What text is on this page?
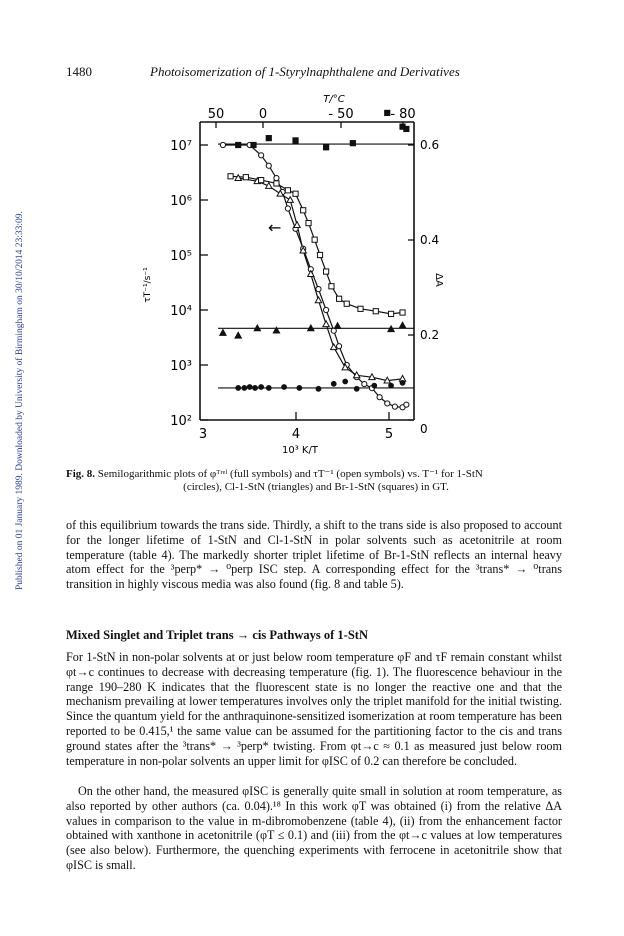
1480	Photoisomerization of 1-Styrylnaphthalene and Derivatives
Published on 01 January 1989. Downloaded by University of Birmingham on 30/10/2014 23:33:09.
T/°C
50	0	- 50	- 80
10⁷
10⁶
10⁵
10⁴
10³
10²
τT⁻¹/s⁻¹
0.6
0.4
0.2
0
ΔA
3	4	5
10³ K/T
←
Fig. 8. Semilogarithmic plots of φᵀʳᵉˡ (full symbols) and τT⁻¹ (open symbols) vs. T⁻¹ for 1-StN
(circles), Cl-1-StN (triangles) and Br-1-StN (squares) in GT.

of this equilibrium towards the trans side. Thirdly, a shift to the trans side is also proposed to account for the longer lifetime of 1-StN and Cl-1-StN in polar solvents such as acetonitrile at room temperature (table 4). The markedly shorter triplet lifetime of Br-1-StN reflects an internal heavy atom effect for the ³perp* → ⁰perp ISC step. A corresponding effect for the ³trans* → ⁰trans transition in highly viscous media was also found (fig. 8 and table 5).

Mixed Singlet and Triplet trans → cis Pathways of 1-StN

For 1-StN in non-polar solvents at or just below room temperature φF and τF remain constant whilst φt→c continues to decrease with decreasing temperature (fig. 1). The fluorescence behaviour in the range 190–280 K indicates that the fluorescent state is no longer the reactive one and that the mechanism prevailing at lower temperatures involves only the triplet manifold for the initial twisting. Since the quantum yield for the anthraquinone-sensitized isomerization at room temperature has been reported to be 0.415,¹ the same value can be assumed for the partitioning factor to the cis and trans ground states after the ³trans* → ³perp* twisting. From φt→c ≈ 0.1 as measured just below room temperature in non-polar solvents an upper limit for φISC of 0.2 can therefore be concluded.

On the other hand, the measured φISC is generally quite small in solution at room temperature, as also reported by other authors (ca. 0.04).¹⁸ In this work φT was obtained (i) from the relative ΔA values in comparison to the value in m-dibromobenzene (table 4), (ii) from the enhancement factor obtained with xanthone in acetonitrile (φT ≤ 0.1) and (iii) from the φt→c values at low temperatures (see also below). Furthermore, the quenching experiments with ferrocene in acetonitrile show that φISC is small.
